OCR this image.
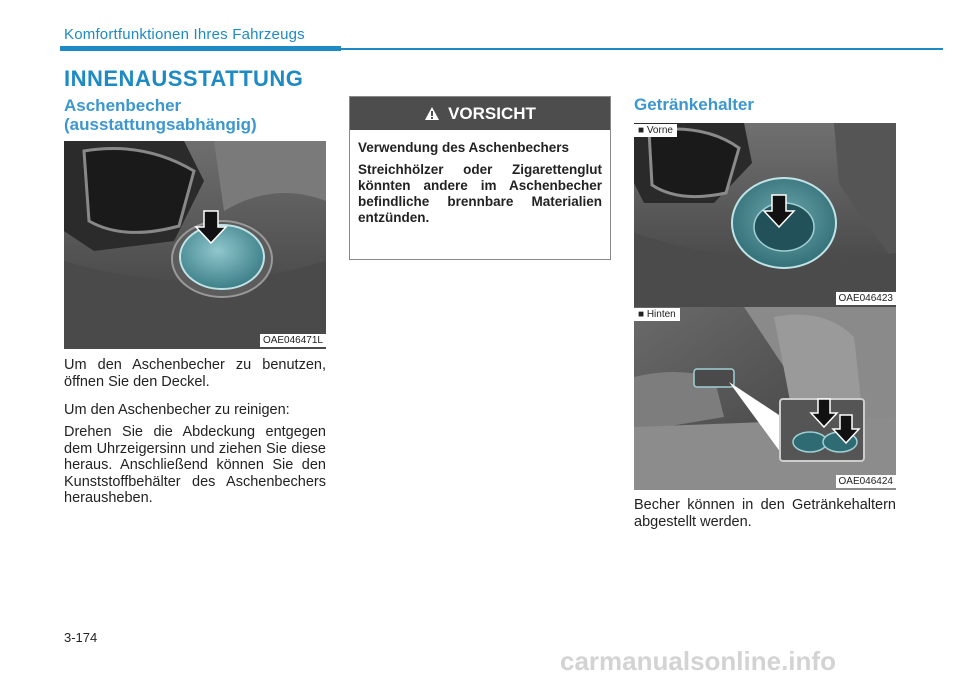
Komfortfunktionen Ihres Fahrzeugs
INNENAUSSTATTUNG
Aschenbecher
(ausstattungsabhängig)
OAE046471L
Um den Aschenbecher zu benutzen, öffnen Sie den Deckel.
Um den Aschenbecher zu reinigen:
Drehen Sie die Abdeckung entgegen dem Uhrzeigersinn und ziehen Sie diese heraus. Anschließend können Sie den Kunststoffbehälter des Aschenbechers herausheben.
VORSICHT
Verwendung des Aschenbechers
Streichhölzer oder Zigarettenglut könnten andere im Aschenbecher befindliche brennbare Materialien entzünden.
Getränkehalter
■ Vorne
OAE046423
■ Hinten
OAE046424
Becher können in den Getränkehaltern abgestellt werden.
3-174
carmanualsonline.info
